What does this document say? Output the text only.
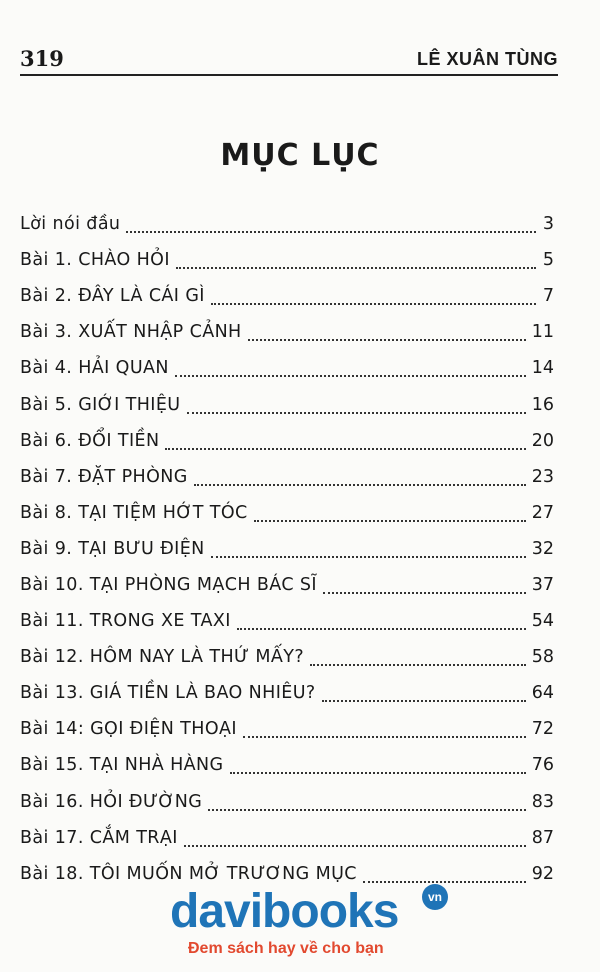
319	LÊ XUÂN TÙNG
MỤC LỤC
Lời nói đầu	3
Bài 1. CHÀO HỎI	5
Bài 2. ĐÂY LÀ CÁI GÌ	7
Bài 3. XUẤT NHẬP CẢNH	11
Bài 4. HẢI QUAN	14
Bài 5. GIỚI THIỆU	16
Bài 6. ĐỔI TIỀN	20
Bài 7. ĐẶT PHÒNG	23
Bài 8. TẠI TIỆM HỚT TÓC	27
Bài 9. TẠI BƯU ĐIỆN	32
Bài 10. TẠI PHÒNG MẠCH BÁC SĨ	37
Bài 11. TRONG XE TAXI	54
Bài 12. HÔM NAY LÀ THỨ MẤY?	58
Bài 13. GIÁ TIỀN LÀ BAO NHIÊU?	64
Bài 14: GỌI ĐIỆN THOẠI	72
Bài 15. TẠI NHÀ HÀNG	76
Bài 16. HỎI ĐƯỜNG	83
Bài 17. CẮM TRẠI	87
Bài 18. TÔI MUỐN MỞ TRƯƠNG MỤC	92
davibooks	vn
Đem sách hay về cho bạn
